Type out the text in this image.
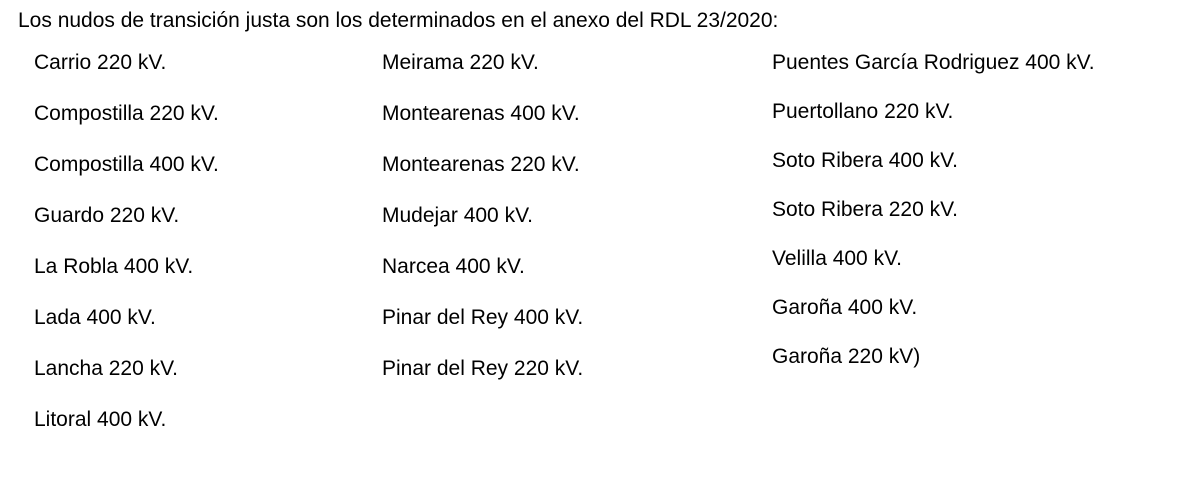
Los nudos de transición justa son los determinados en el anexo del RDL 23/2020:

Carrio 220 kV.
Compostilla 220 kV.
Compostilla 400 kV.
Guardo 220 kV.
La Robla 400 kV.
Lada 400 kV.
Lancha 220 kV.
Litoral 400 kV.
Meirama 220 kV.
Montearenas 400 kV.
Montearenas 220 kV.
Mudejar 400 kV.
Narcea 400 kV.
Pinar del Rey 400 kV.
Pinar del Rey 220 kV.
Puentes García Rodriguez 400 kV.
Puertollano 220 kV.
Soto Ribera 400 kV.
Soto Ribera 220 kV.
Velilla 400 kV.
Garoña 400 kV.
Garoña 220 kV)
